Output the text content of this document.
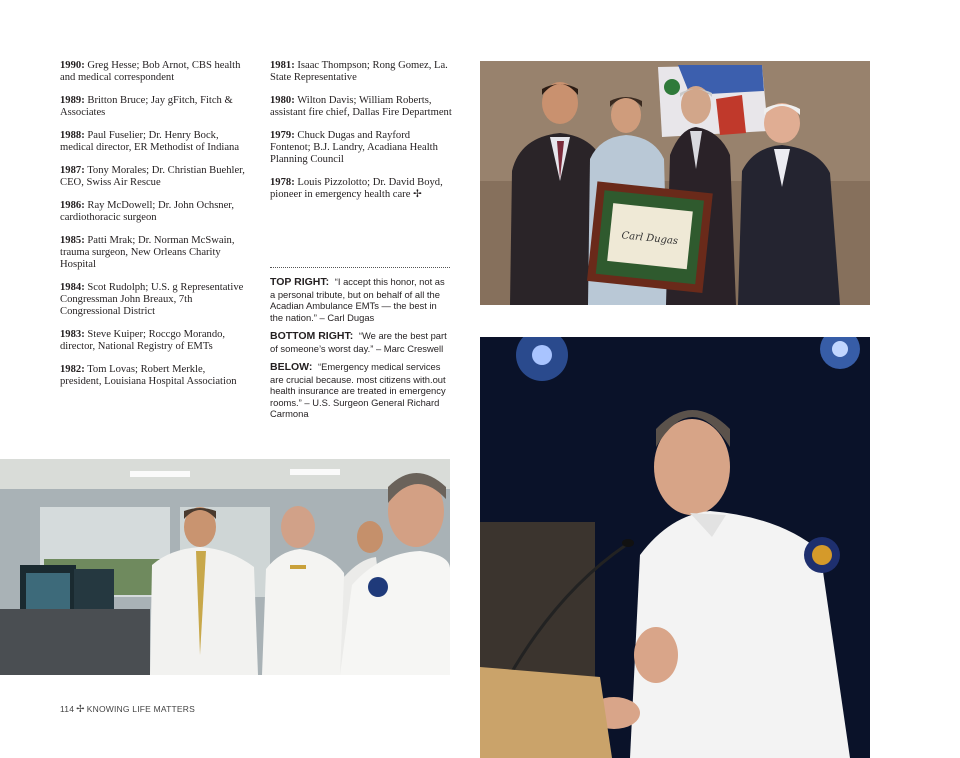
1990: Greg Hesse; Bob Arnot, CBS health and medical correspondent

1989: Britton Bruce; Jay gFitch, Fitch & Associates

1988: Paul Fuselier; Dr. Henry Bock, medical director, ER Methodist of Indiana

1987: Tony Morales; Dr. Christian Buehler, CEO, Swiss Air Rescue

1986: Ray McDowell; Dr. John Ochsner, cardiothoracic surgeon

1985: Patti Mrak; Dr. Norman McSwain, trauma surgeon, New Orleans Charity Hospital

1984: Scot Rudolph; U.S. g Representative Congressman John Breaux, 7th Congressional District

1983: Steve Kuiper; Roccgo Morando, director, National Registry of EMTs

1982: Tom Lovas; Robert Merkle, president, Louisiana Hospital Association

1981: Isaac Thompson; Rong Gomez, La. State Representative

1980: Wilton Davis; William Roberts, assistant fire chief, Dallas Fire Department

1979: Chuck Dugas and Rayford Fontenot; B.J. Landry, Acadiana Health Planning Council

1978: Louis Pizzolotto; Dr. David Boyd, pioneer in emergency health care ✢

TOP RIGHT: “I accept this honor, not as a personal tribute, but on behalf of all the Acadian Ambulance EMTs — the best in the nation.” – Carl Dugas

BOTTOM RIGHT: “We are the best part of someone’s worst day.” – Marc Creswell

BELOW: “Emergency medical services are crucial because. most citizens with.out health insurance are treated in emergency rooms.” – U.S. Surgeon General Richard Carmona

Carl Dugas
114 ✢ KNOWING LIFE MATTERS
